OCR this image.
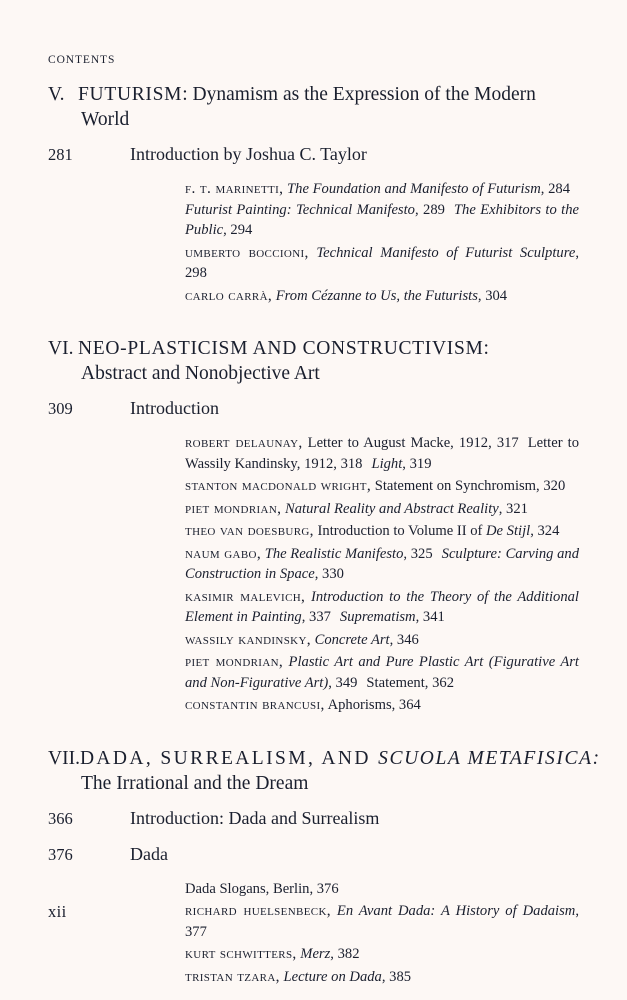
CONTENTS
V. FUTURISM: Dynamism as the Expression of the Modern
World
281	Introduction by Joshua C. Taylor

f. t. marinetti, The Foundation and Manifesto of Futurism, 284Futurist Painting: Technical Manifesto, 289 The Exhibitors to the Public, 294

umberto boccioni, Technical Manifesto of Futurist Sculpture, 298

carlo carrà, From Cézanne to Us, the Futurists, 304

VI. NEO-PLASTICISM AND CONSTRUCTIVISM:
Abstract and Nonobjective Art
309	Introduction

robert delaunay, Letter to August Macke, 1912, 317 Letter to Wassily Kandinsky, 1912, 318 Light, 319

stanton macdonald wright, Statement on Synchromism, 320

piet mondrian, Natural Reality and Abstract Reality, 321

theo van doesburg, Introduction to Volume II of De Stijl, 324

naum gabo, The Realistic Manifesto, 325 Sculpture: Carving and Construction in Space, 330

kasimir malevich, Introduction to the Theory of the Additional Element in Painting, 337 Suprematism, 341

wassily kandinsky, Concrete Art, 346

piet mondrian, Plastic Art and Pure Plastic Art (Figurative Art and Non-Figurative Art), 349 Statement, 362

constantin brancusi, Aphorisms, 364

VII.DADA, SURREALISM, AND SCUOLA METAFISICA:
The Irrational and the Dream
366	Introduction: Dada and Surrealism
376	Dada

Dada Slogans, Berlin, 376

richard huelsenbeck, En Avant Dada: A History of Dadaism, 377

kurt schwitters, Merz, 382

tristan tzara, Lecture on Dada, 385

xii
